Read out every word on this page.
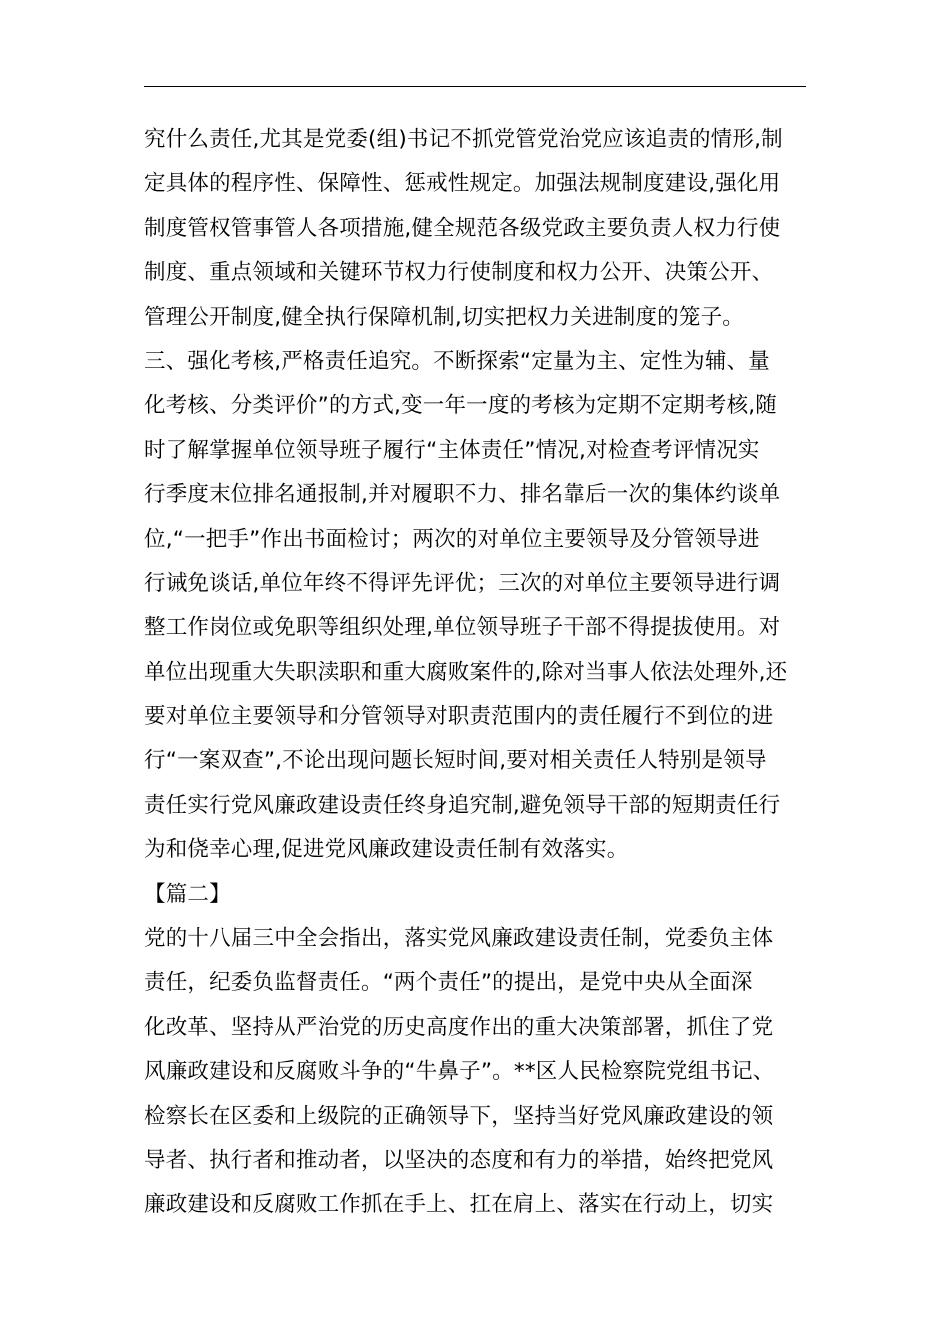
究什么责任,尤其是党委(组)书记不抓党管党治党应该追责的情形,制
定具体的程序性、保障性、惩戒性规定。加强法规制度建设,强化用
制度管权管事管人各项措施,健全规范各级党政主要负责人权力行使
制度、重点领域和关键环节权力行使制度和权力公开、决策公开、
管理公开制度,健全执行保障机制,切实把权力关进制度的笼子。
三、强化考核,严格责任追究。不断探索“定量为主、定性为辅、量
化考核、分类评价”的方式,变一年一度的考核为定期不定期考核,随
时了解掌握单位领导班子履行“主体责任”情况,对检查考评情况实
行季度末位排名通报制,并对履职不力、排名靠后一次的集体约谈单
位,“一把手”作出书面检讨；两次的对单位主要领导及分管领导进
行诫免谈话,单位年终不得评先评优；三次的对单位主要领导进行调
整工作岗位或免职等组织处理,单位领导班子干部不得提拔使用。对
单位出现重大失职渎职和重大腐败案件的,除对当事人依法处理外,还
要对单位主要领导和分管领导对职责范围内的责任履行不到位的进
行“一案双查”,不论出现问题长短时间,要对相关责任人特别是领导
责任实行党风廉政建设责任终身追究制,避免领导干部的短期责任行
为和侥幸心理,促进党风廉政建设责任制有效落实。
【篇二】
党的十八届三中全会指出，落实党风廉政建设责任制，党委负主体
责任，纪委负监督责任。“两个责任”的提出，是党中央从全面深
化改革、坚持从严治党的历史高度作出的重大决策部署，抓住了党
风廉政建设和反腐败斗争的“牛鼻子”。**区人民检察院党组书记、
检察长在区委和上级院的正确领导下，坚持当好党风廉政建设的领
导者、执行者和推动者，以坚决的态度和有力的举措，始终把党风
廉政建设和反腐败工作抓在手上、扛在肩上、落实在行动上，切实
